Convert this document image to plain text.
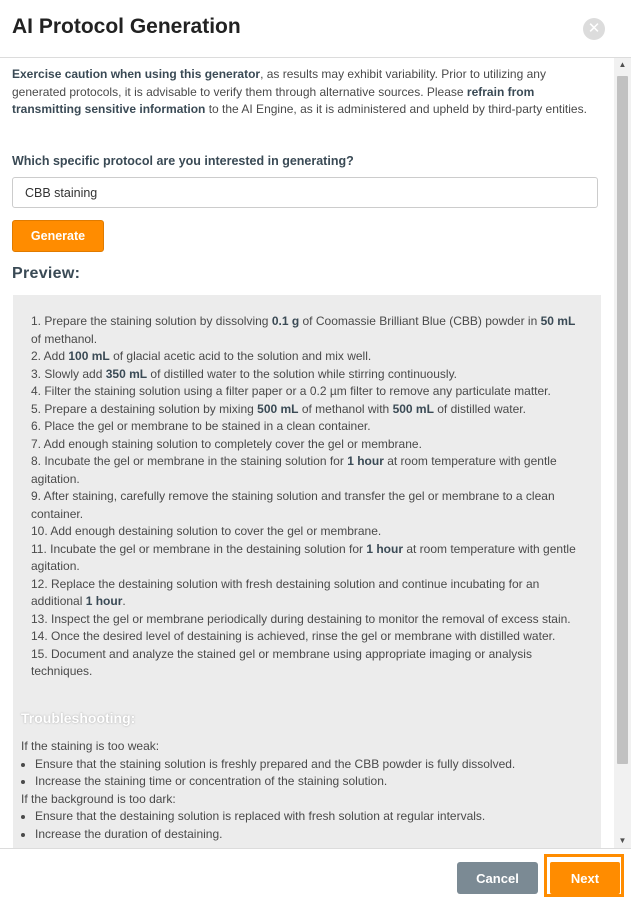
AI Protocol Generation	✕
Exercise caution when using this generator, as results may exhibit variability. Prior to utilizing any generated protocols, it is advisable to verify them through alternative sources. Please refrain from transmitting sensitive information to the AI Engine, as it is administered and upheld by third-party entities.
Which specific protocol are you interested in generating?
CBB staining
Generate
Preview:
1. Prepare the staining solution by dissolving 0.1 g of Coomassie Brilliant Blue (CBB) powder in 50 mL of methanol.
2. Add 100 mL of glacial acetic acid to the solution and mix well.
3. Slowly add 350 mL of distilled water to the solution while stirring continuously.
4. Filter the staining solution using a filter paper or a 0.2 µm filter to remove any particulate matter.
5. Prepare a destaining solution by mixing 500 mL of methanol with 500 mL of distilled water.
6. Place the gel or membrane to be stained in a clean container.
7. Add enough staining solution to completely cover the gel or membrane.
8. Incubate the gel or membrane in the staining solution for 1 hour at room temperature with gentle agitation.
9. After staining, carefully remove the staining solution and transfer the gel or membrane to a clean container.
10. Add enough destaining solution to cover the gel or membrane.
11. Incubate the gel or membrane in the destaining solution for 1 hour at room temperature with gentle agitation.
12. Replace the destaining solution with fresh destaining solution and continue incubating for an additional 1 hour.
13. Inspect the gel or membrane periodically during destaining to monitor the removal of excess stain.
14. Once the desired level of destaining is achieved, rinse the gel or membrane with distilled water.
15. Document and analyze the stained gel or membrane using appropriate imaging or analysis techniques.
Troubleshooting:
If the staining is too weak:
• Ensure that the staining solution is freshly prepared and the CBB powder is fully dissolved.
• Increase the staining time or concentration of the staining solution.
If the background is too dark:
• Ensure that the destaining solution is replaced with fresh solution at regular intervals.
• Increase the duration of destaining.
▲
▼
Cancel	Next
